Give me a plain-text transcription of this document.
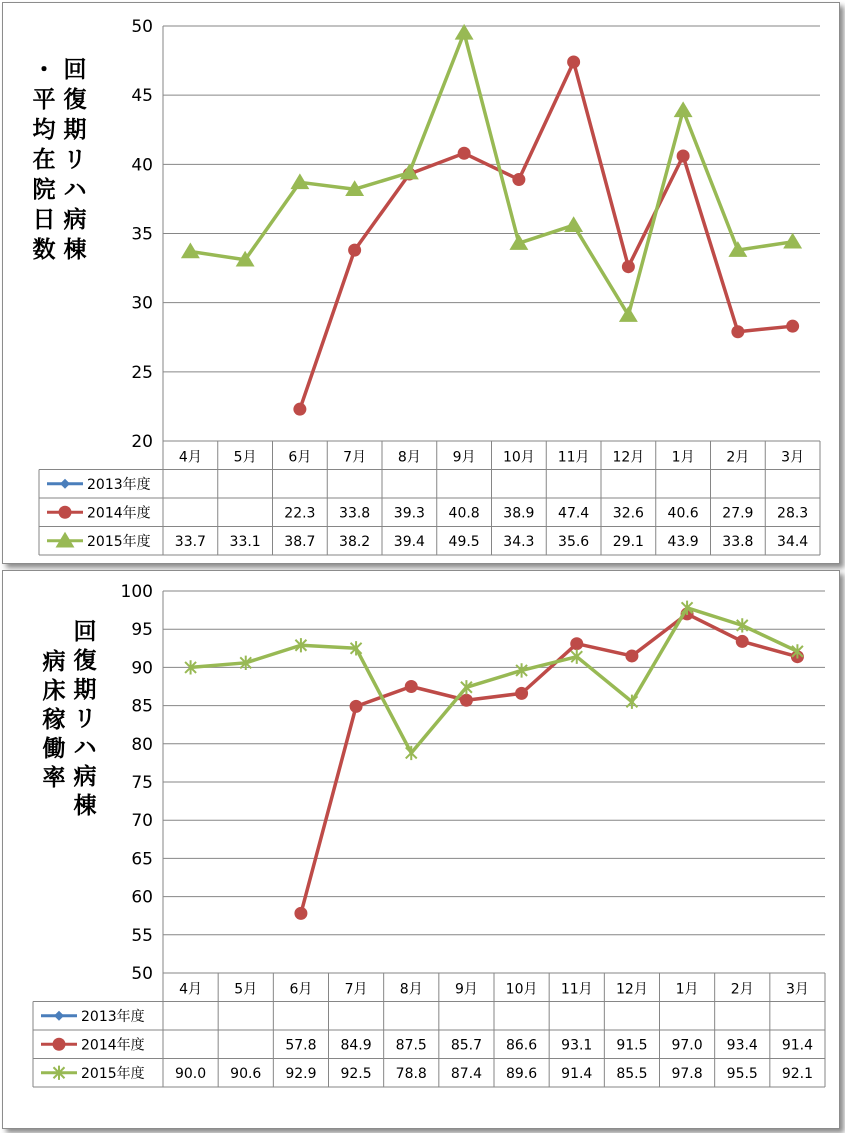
20
25
30
35
40
45
50
4月 5月 6月 7月 8月 9月 10月 11月 12月 1月 2月 3月
2013年度
2014年度	22.3 33.8 39.3 40.8 38.9 47.4 32.6 40.6 27.9 28.3
2015年度 33.7 33.1 38.7 38.2 39.4 49.5 34.3 35.6 29.1 43.9 33.8 34.4
回
復
期
リ
ハ
病
棟
・
平
均
在
院
日
数
50
55
60
65
70
75
80
85
90
95
100
4月 5月 6月 7月 8月 9月 10月 11月 12月 1月 2月 3月
2013年度
2014年度	57.8 84.9 87.5 85.7 86.6 93.1 91.5 97.0 93.4 91.4
2015年度 90.0 90.6 92.9 92.5 78.8 87.4 89.6 91.4 85.5 97.8 95.5 92.1
回
復
期
リ
ハ
病
棟
病
床
稼
働
率
